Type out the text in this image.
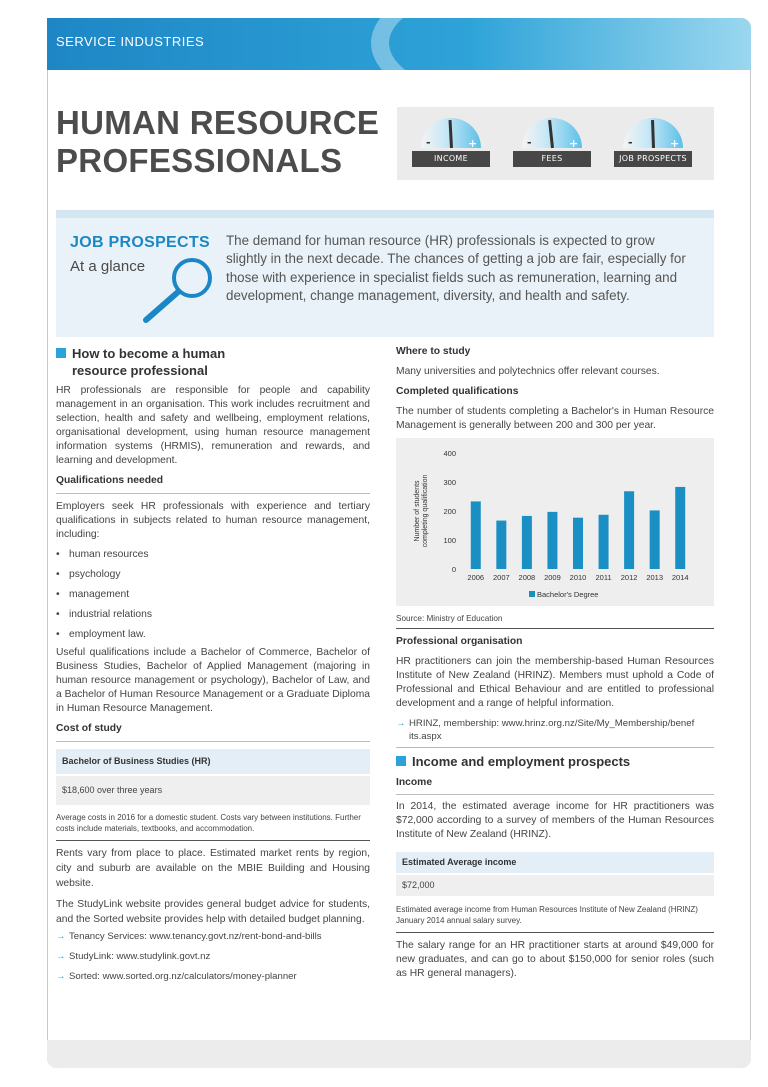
SERVICE INDUSTRIES
HUMAN RESOURCE
PROFESSIONALS	-	+
INCOME
-	+
FEES
-	+
JOB PROSPECTS
JOB PROSPECTS
At a glance
The demand for human resource (HR) professionals is expected to grow slightly in the next decade. The chances of getting a job are fair, especially for those with experience in specialist fields such as remuneration, learning and development, change management, diversity, and health and safety.
How to become a human resource professional
HR professionals are responsible for people and capability management in an organisation. This work includes recruitment and selection, health and safety and wellbeing, employment relations, organisational development, using human resource management information systems (HRMIS), remuneration and rewards, and learning and development.
Qualifications needed
Employers seek HR professionals with experience and tertiary qualifications in subjects related to human resource management, including:
• human resources
• psychology
• management
• industrial relations
• employment law.
Useful qualifications include a Bachelor of Commerce, Bachelor of Business Studies, Bachelor of Applied Management (majoring in human resource management or psychology), Bachelor of Law, and a Bachelor of Human Resource Management or a Graduate Diploma in Human Resource Management.
Cost of study
Bachelor of Business Studies (HR)
$18,600 over three years
Average costs in 2016 for a domestic student. Costs vary between institutions. Further costs include materials, textbooks, and accommodation.
Rents vary from place to place. Estimated market rents by region, city and suburb are available on the MBIE Building and Housing website.
The StudyLink website provides general budget advice for students, and the Sorted website provides help with detailed budget planning.
→ Tenancy Services: www.tenancy.govt.nz/rent-bond-and-bills
→ StudyLink: www.studylink.govt.nz
→ Sorted: www.sorted.org.nz/calculators/money-planner
Where to study
Many universities and polytechnics offer relevant courses.
Completed qualifications
The number of students completing a Bachelor's in Human Resource Management is generally between 200 and 300 per year.
Number of students completing qualification
0
100
200
300
400
2006 2007 2008 2009 2010 2011 2012 2013 2014
Bachelor's Degree
Source: Ministry of Education
Professional organisation
HR practitioners can join the membership-based Human Resources Institute of New Zealand (HRINZ). Members must uphold a Code of Professional and Ethical Behaviour and are entitled to professional development and a range of helpful information.
→ HRINZ, membership: www.hrinz.org.nz/Site/My_Membership/benefits.aspx
Income and employment prospects
Income
In 2014, the estimated average income for HR practitioners was $72,000 according to a survey of members of the Human Resources Institute of New Zealand (HRINZ).
Estimated Average income
$72,000
Estimated average income from Human Resources Institute of New Zealand (HRINZ) January 2014 annual salary survey.
The salary range for an HR practitioner starts at around $49,000 for new graduates, and can go to about $150,000 for senior roles (such as HR general managers).
